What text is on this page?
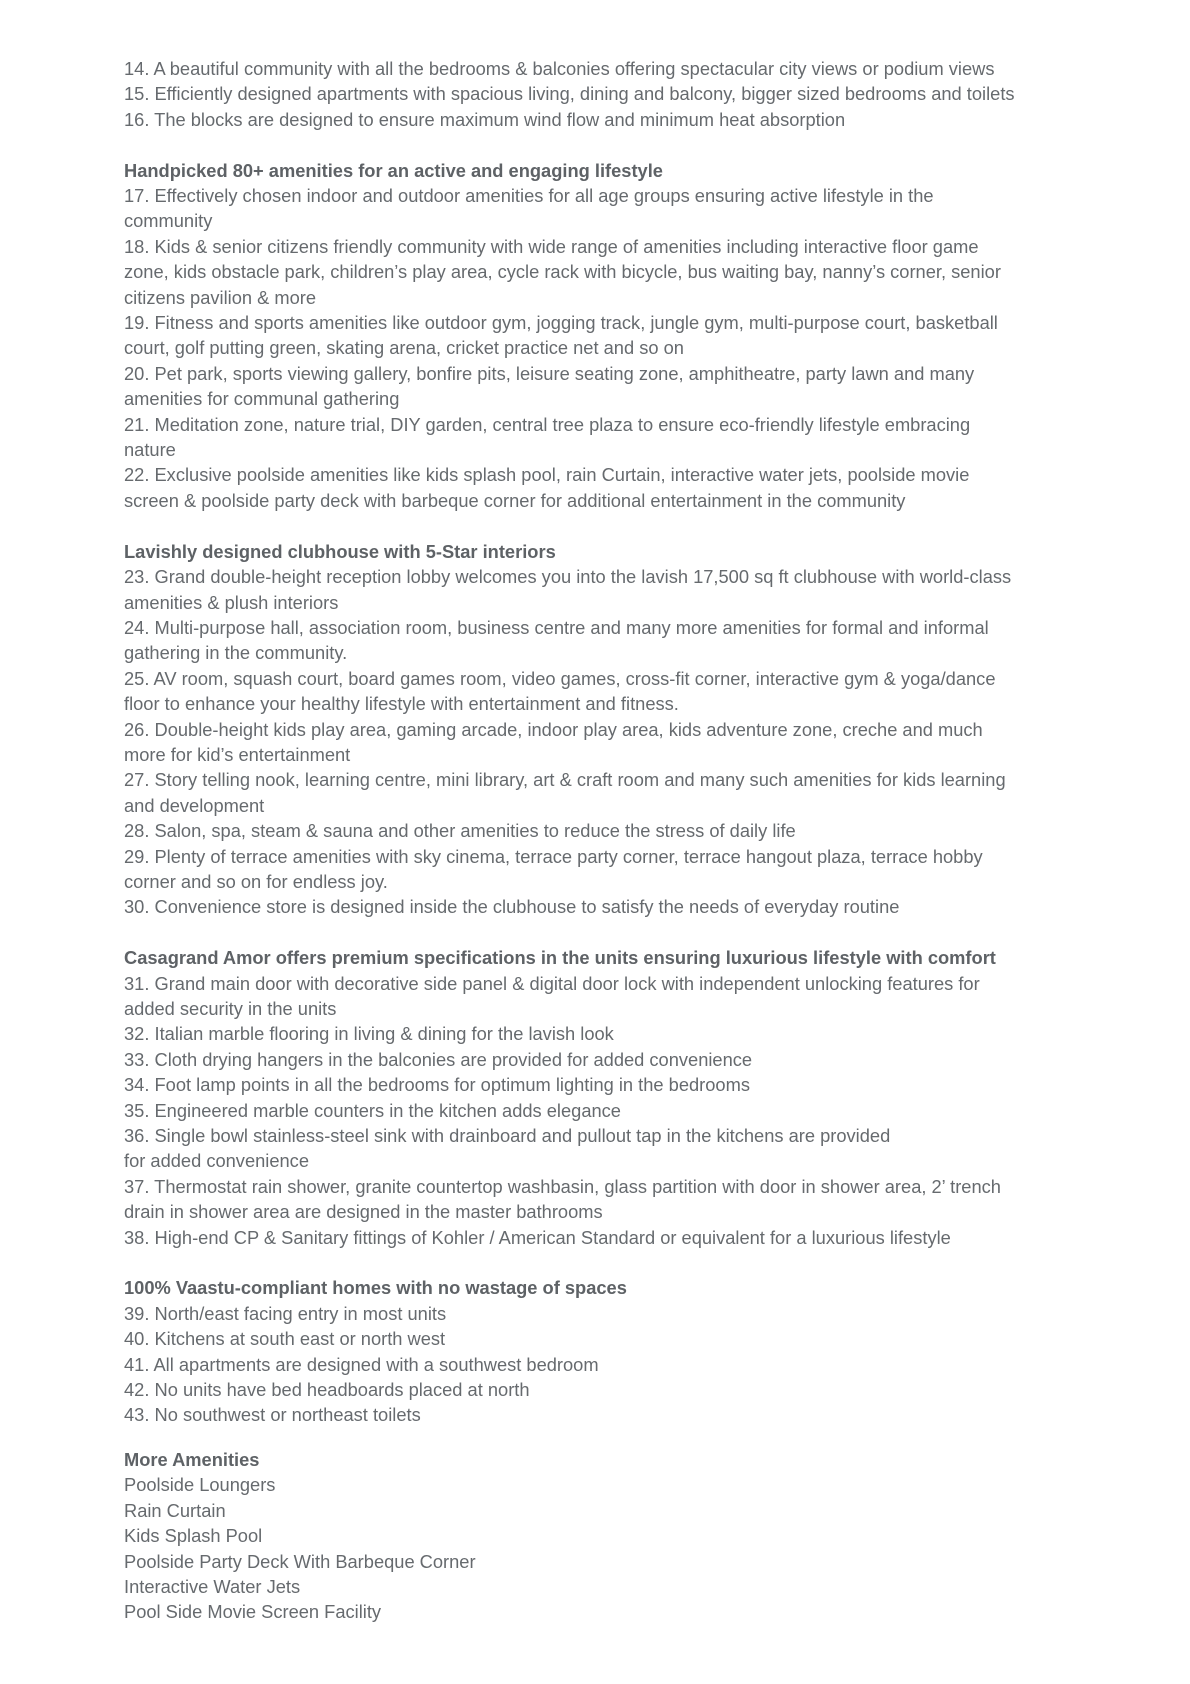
14. A beautiful community with all the bedrooms & balconies offering spectacular city views or podium views
15. Efficiently designed apartments with spacious living, dining and balcony, bigger sized bedrooms and toilets
16. The blocks are designed to ensure maximum wind flow and minimum heat absorption
Handpicked 80+ amenities for an active and engaging lifestyle
17. Effectively chosen indoor and outdoor amenities for all age groups ensuring active lifestyle in the
community
18. Kids & senior citizens friendly community with wide range of amenities including interactive floor game
zone, kids obstacle park, children’s play area, cycle rack with bicycle, bus waiting bay, nanny’s corner, senior
citizens pavilion & more
19. Fitness and sports amenities like outdoor gym, jogging track, jungle gym, multi-purpose court, basketball
court, golf putting green, skating arena, cricket practice net and so on
20. Pet park, sports viewing gallery, bonfire pits, leisure seating zone, amphitheatre, party lawn and many
amenities for communal gathering
21. Meditation zone, nature trial, DIY garden, central tree plaza to ensure eco-friendly lifestyle embracing
nature
22. Exclusive poolside amenities like kids splash pool, rain Curtain, interactive water jets, poolside movie
screen & poolside party deck with barbeque corner for additional entertainment in the community
Lavishly designed clubhouse with 5-Star interiors
23. Grand double-height reception lobby welcomes you into the lavish 17,500 sq ft clubhouse with world-class
amenities & plush interiors
24. Multi-purpose hall, association room, business centre and many more amenities for formal and informal
gathering in the community.
25. AV room, squash court, board games room, video games, cross-fit corner, interactive gym & yoga/dance
floor to enhance your healthy lifestyle with entertainment and fitness.
26. Double-height kids play area, gaming arcade, indoor play area, kids adventure zone, creche and much
more for kid’s entertainment
27. Story telling nook, learning centre, mini library, art & craft room and many such amenities for kids learning
and development
28. Salon, spa, steam & sauna and other amenities to reduce the stress of daily life
29. Plenty of terrace amenities with sky cinema, terrace party corner, terrace hangout plaza, terrace hobby
corner and so on for endless joy.
30. Convenience store is designed inside the clubhouse to satisfy the needs of everyday routine
Casagrand Amor offers premium specifications in the units ensuring luxurious lifestyle with comfort
31. Grand main door with decorative side panel & digital door lock with independent unlocking features for
added security in the units
32. Italian marble flooring in living & dining for the lavish look
33. Cloth drying hangers in the balconies are provided for added convenience
34. Foot lamp points in all the bedrooms for optimum lighting in the bedrooms
35. Engineered marble counters in the kitchen adds elegance
36. Single bowl stainless-steel sink with drainboard and pullout tap in the kitchens are provided
for added convenience
37. Thermostat rain shower, granite countertop washbasin, glass partition with door in shower area, 2’ trench
drain in shower area are designed in the master bathrooms
38. High-end CP & Sanitary fittings of Kohler / American Standard or equivalent for a luxurious lifestyle
100% Vaastu-compliant homes with no wastage of spaces
39. North/east facing entry in most units
40. Kitchens at south east or north west
41. All apartments are designed with a southwest bedroom
42. No units have bed headboards placed at north
43. No southwest or northeast toilets
More Amenities
Poolside Loungers
Rain Curtain
Kids Splash Pool
Poolside Party Deck With Barbeque Corner
Interactive Water Jets
Pool Side Movie Screen Facility
